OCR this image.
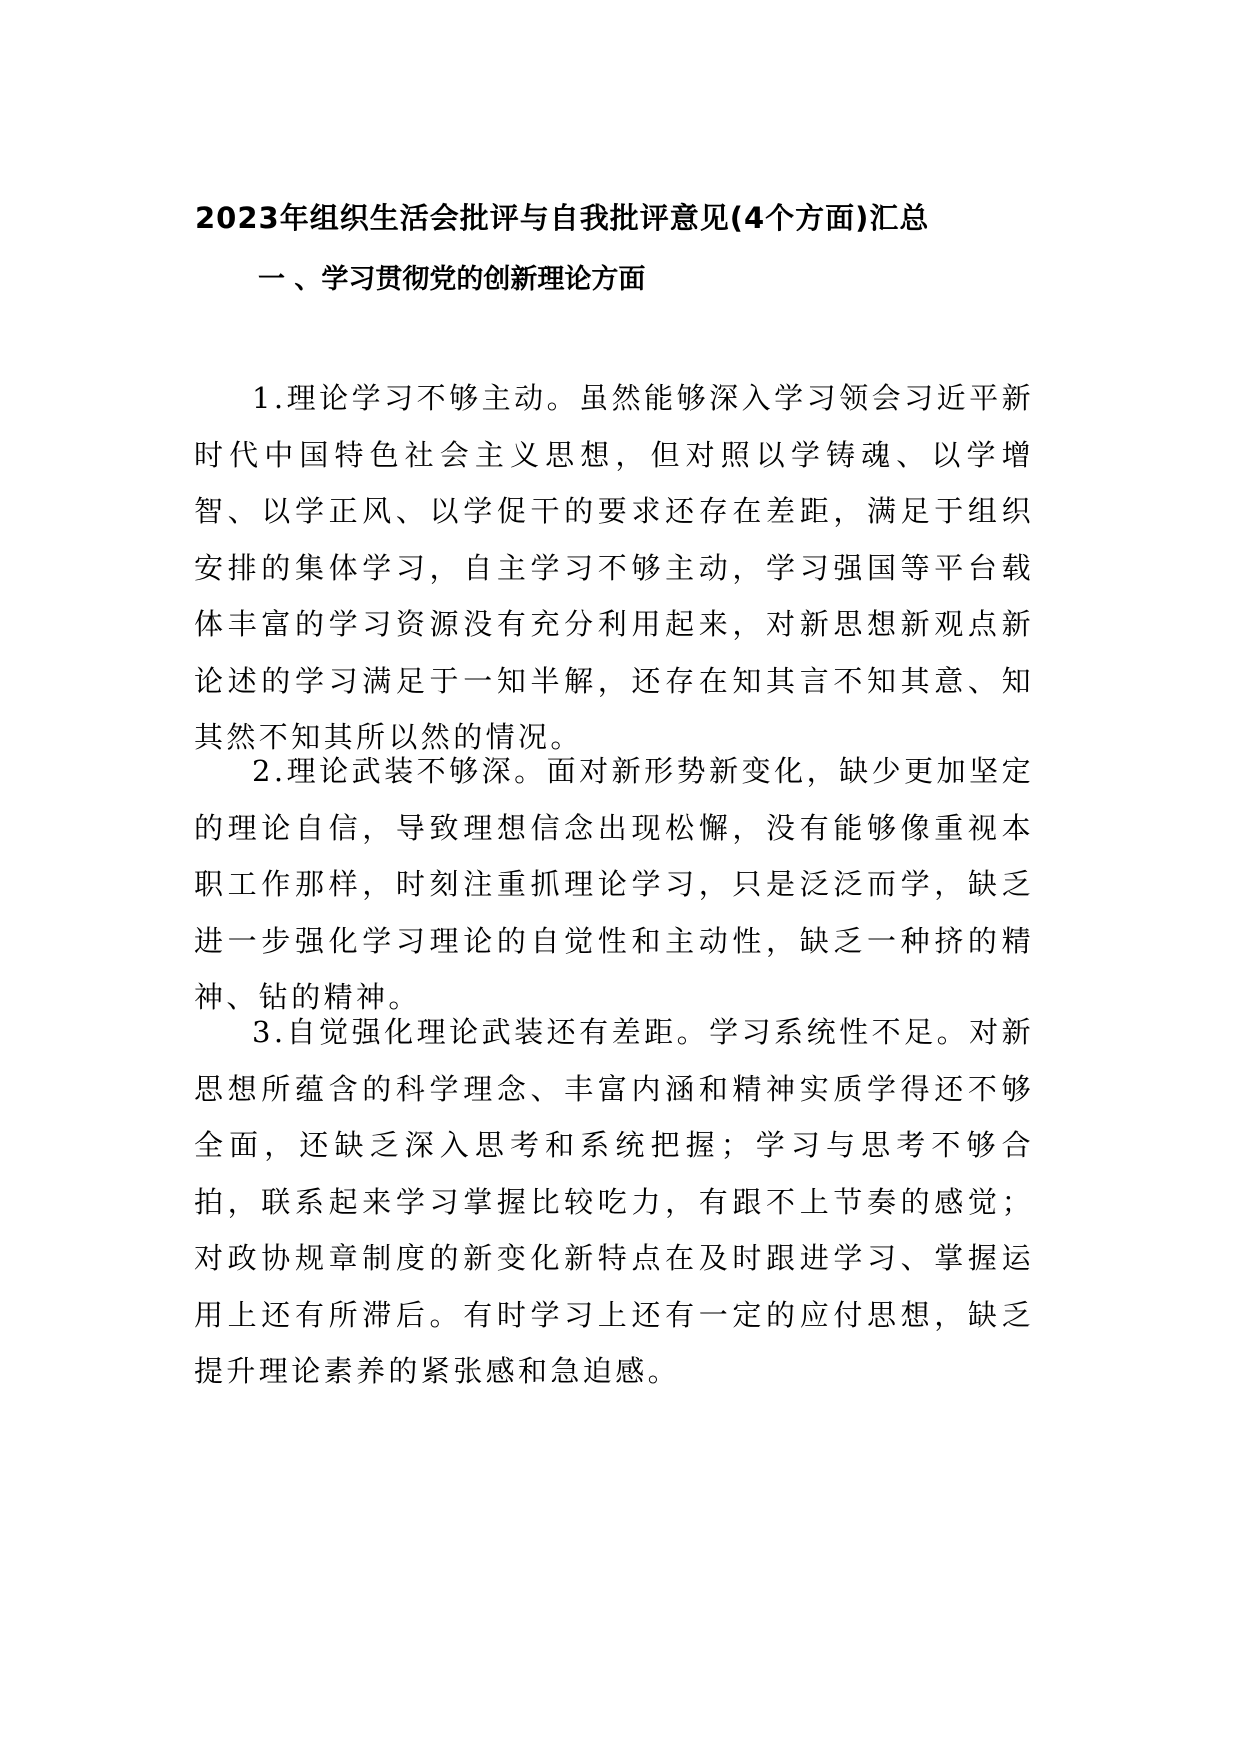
2023年组织生活会批评与自我批评意见(4个方面)汇总
一 、学习贯彻党的创新理论方面

1.理论学习不够主动。虽然能够深入学习领会习近平新时代中国特色社会主义思想，但对照以学铸魂、以学增智、以学正风、以学促干的要求还存在差距，满足于组织安排的集体学习，自主学习不够主动，学习强国等平台载体丰富的学习资源没有充分利用起来，对新思想新观点新论述的学习满足于一知半解，还存在知其言不知其意、知其然不知其所以然的情况。

2.理论武装不够深。面对新形势新变化，缺少更加坚定的理论自信，导致理想信念出现松懈，没有能够像重视本职工作那样，时刻注重抓理论学习，只是泛泛而学，缺乏进一步强化学习理论的自觉性和主动性，缺乏一种挤的精神、钻的精神。

3.自觉强化理论武装还有差距。学习系统性不足。对新思想所蕴含的科学理念、丰富内涵和精神实质学得还不够全面，还缺乏深入思考和系统把握；学习与思考不够合拍，联系起来学习掌握比较吃力，有跟不上节奏的感觉；对政协规章制度的新变化新特点在及时跟进学习、掌握运用上还有所滞后。有时学习上还有一定的应付思想，缺乏提升理论素养的紧张感和急迫感。
